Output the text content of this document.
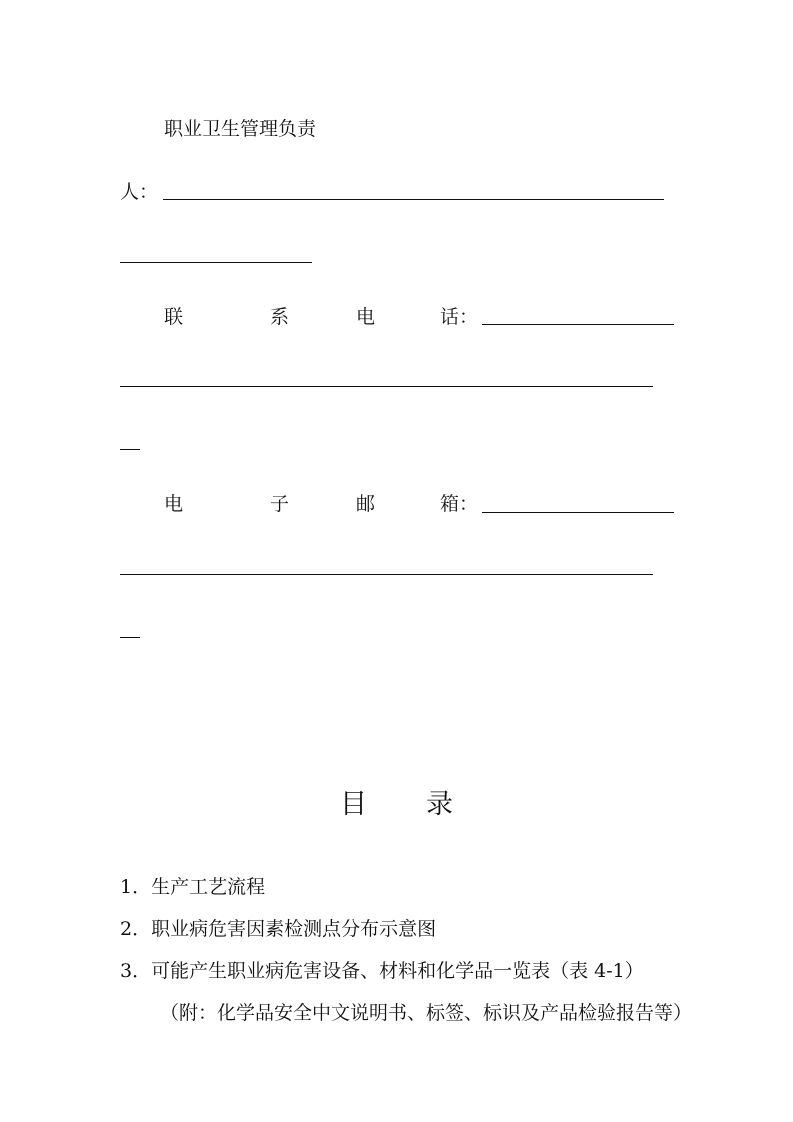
职业卫生管理负责
人：
联	系	电	话：
电	子	邮	箱：
目 录
1．生产工艺流程
2．职业病危害因素检测点分布示意图
3．可能产生职业病危害设备、材料和化学品一览表（表 4-1）
（附：化学品安全中文说明书、标签、标识及产品检验报告等）
